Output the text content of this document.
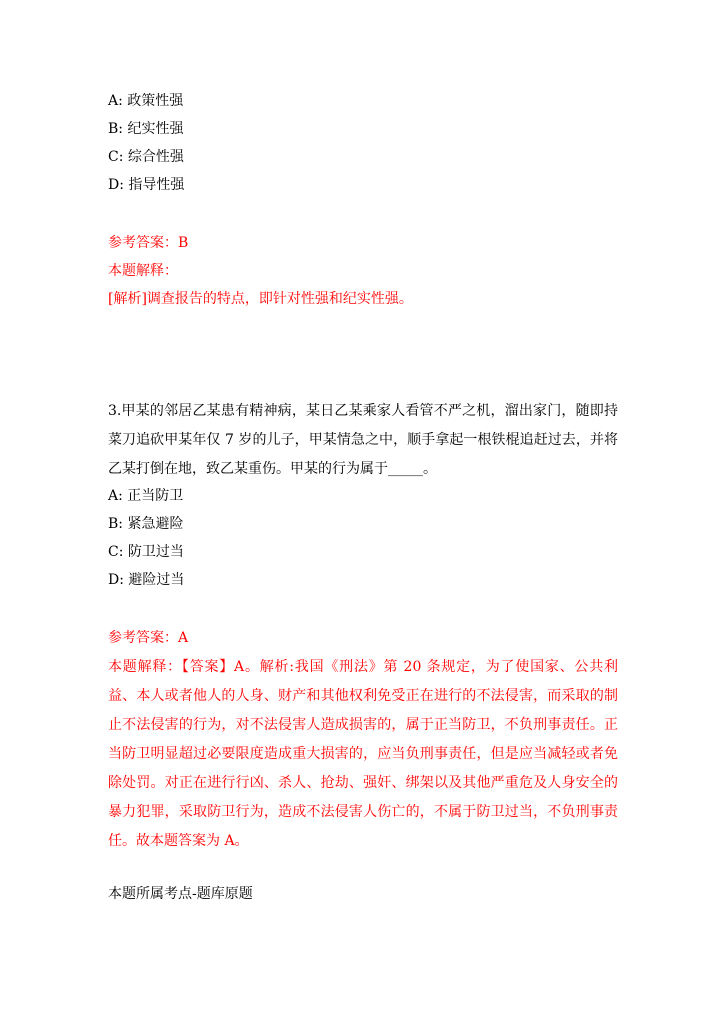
A: 政策性强
B: 纪实性强
C: 综合性强
D: 指导性强
参考答案：B
本题解释：
[解析]调查报告的特点，即针对性强和纪实性强。
3.甲某的邻居乙某患有精神病，某日乙某乘家人看管不严之机，溜出家门，随即持菜刀追砍甲某年仅 7 岁的儿子，甲某情急之中，顺手拿起一根铁棍追赶过去，并将乙某打倒在地，致乙某重伤。甲某的行为属于_____。
A: 正当防卫
B: 紧急避险
C: 防卫过当
D: 避险过当
参考答案：A
本题解释：【答案】A。解析:我国《刑法》第 20 条规定，为了使国家、公共利益、本人或者他人的人身、财产和其他权利免受正在进行的不法侵害，而采取的制止不法侵害的行为，对不法侵害人造成损害的，属于正当防卫，不负刑事责任。正当防卫明显超过必要限度造成重大损害的，应当负刑事责任，但是应当减轻或者免除处罚。对正在进行行凶、杀人、抢劫、强奸、绑架以及其他严重危及人身安全的暴力犯罪，采取防卫行为，造成不法侵害人伤亡的，不属于防卫过当，不负刑事责任。故本题答案为 A。
本题所属考点-题库原题
